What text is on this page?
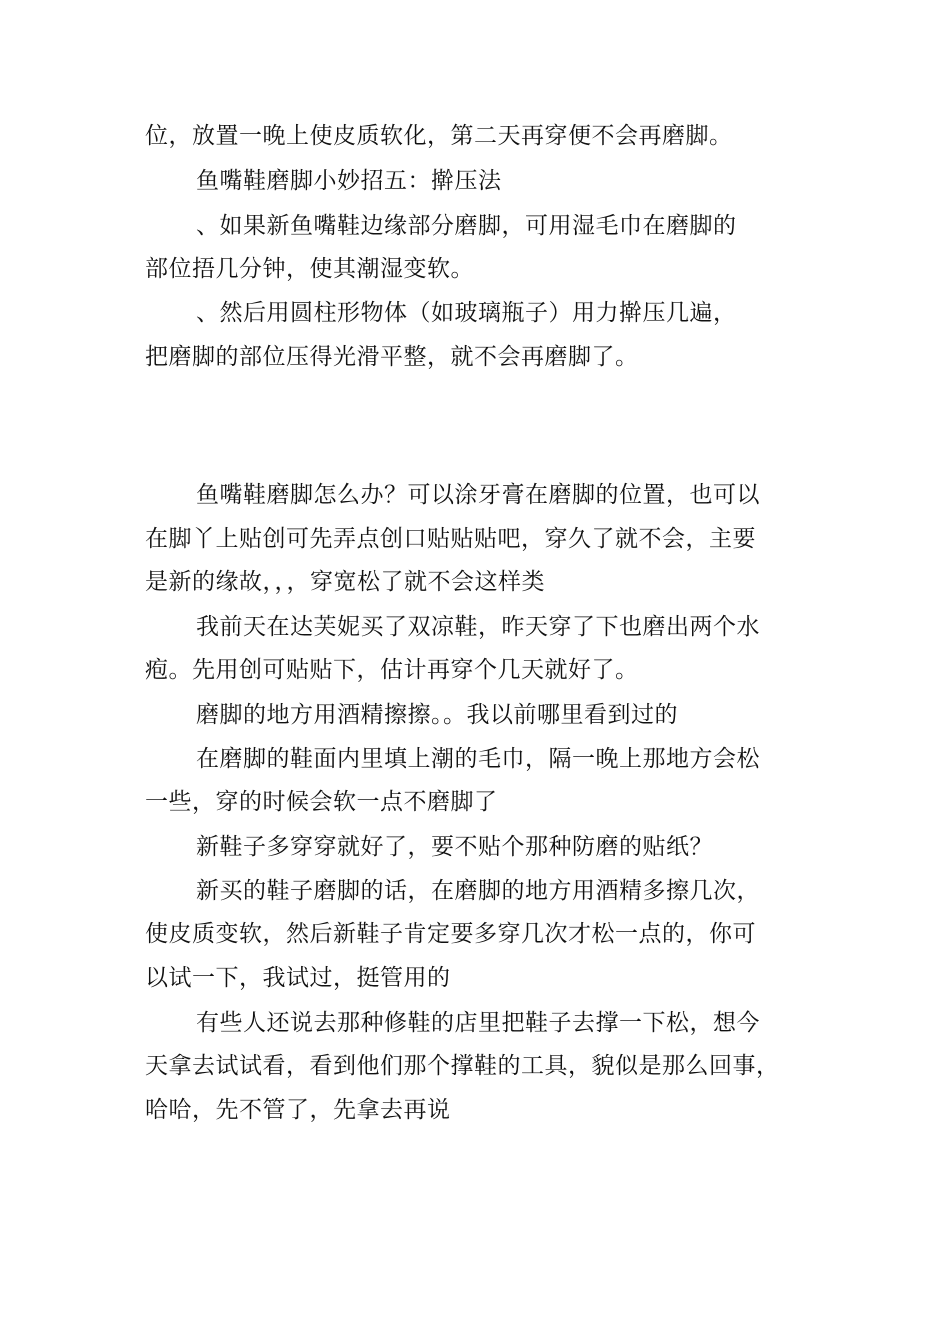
位，放置一晚上使皮质软化，第二天再穿便不会再磨脚。
鱼嘴鞋磨脚小妙招五：擀压法
、如果新鱼嘴鞋边缘部分磨脚，可用湿毛巾在磨脚的
部位捂几分钟，使其潮湿变软。
、然后用圆柱形物体（如玻璃瓶子）用力擀压几遍，
把磨脚的部位压得光滑平整，就不会再磨脚了。
鱼嘴鞋磨脚怎么办？可以涂牙膏在磨脚的位置，也可以
在脚丫上贴创可先弄点创口贴贴贴吧，穿久了就不会，主要
是新的缘故，，，穿宽松了就不会这样类
我前天在达芙妮买了双凉鞋，昨天穿了下也磨出两个水
疱。先用创可贴贴下，估计再穿个几天就好了。
磨脚的地方用酒精擦擦。。我以前哪里看到过的
在磨脚的鞋面内里填上潮的毛巾，隔一晚上那地方会松
一些，穿的时候会软一点不磨脚了
新鞋子多穿穿就好了，要不贴个那种防磨的贴纸？
新买的鞋子磨脚的话，在磨脚的地方用酒精多擦几次，
使皮质变软，然后新鞋子肯定要多穿几次才松一点的，你可
以试一下，我试过，挺管用的
有些人还说去那种修鞋的店里把鞋子去撑一下松，想今
天拿去试试看，看到他们那个撑鞋的工具，貌似是那么回事，
哈哈，先不管了，先拿去再说
